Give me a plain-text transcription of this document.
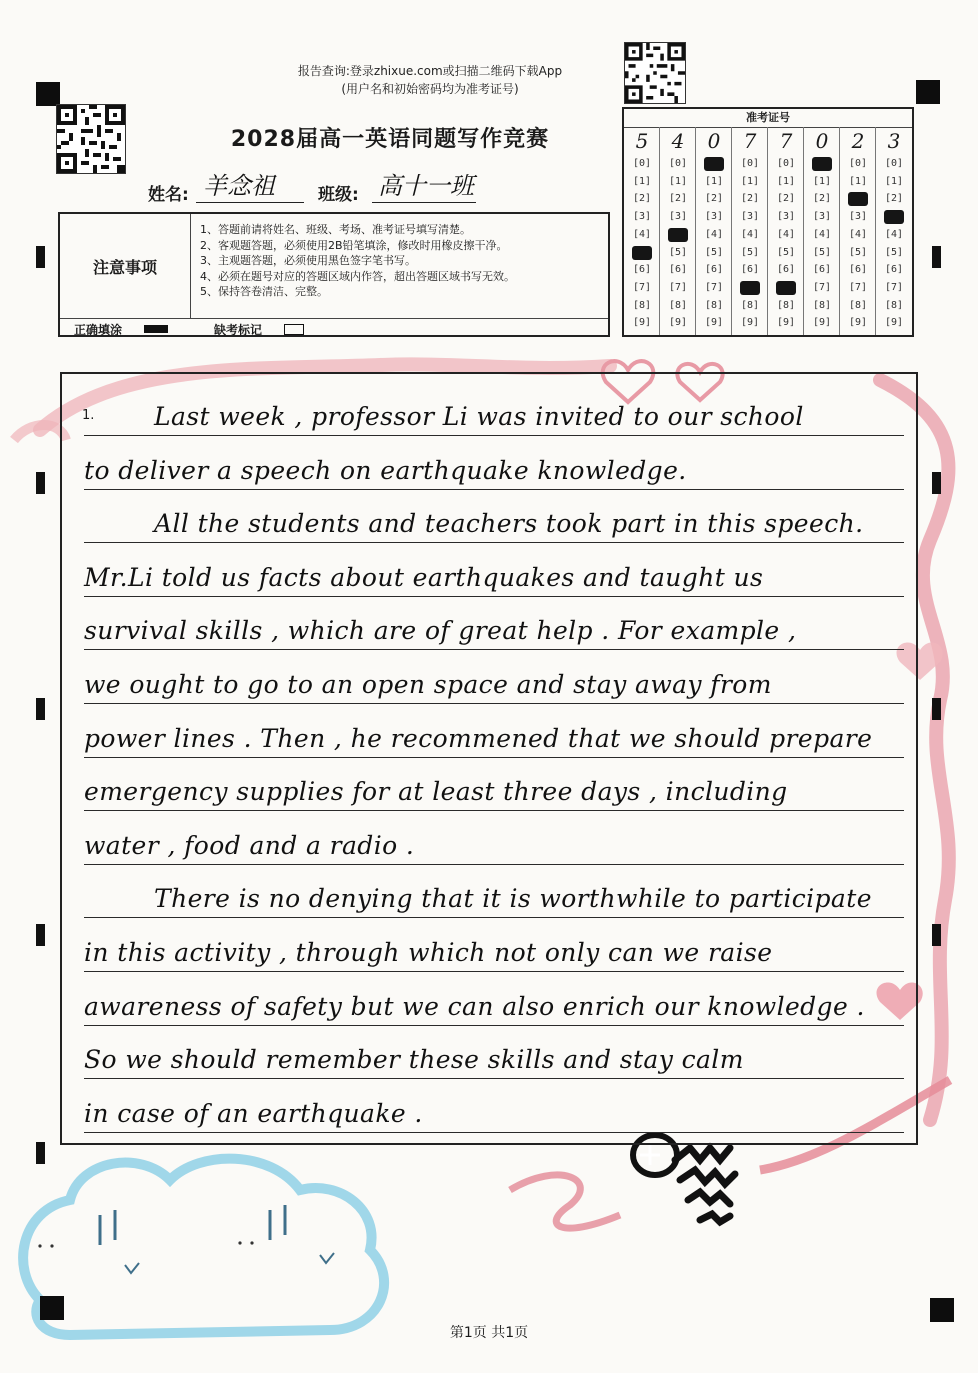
报告查询:登录zhixue.com或扫描二维码下载App
(用户名和初始密码均为准考证号)
2028届高一英语同题写作竞赛
姓名: 羊念祖	班级: 高十一班
注意事项
1、答题前请将姓名、班级、考场、准考证号填写清楚。
2、客观题答题，必须使用2B铅笔填涂，修改时用橡皮擦干净。
3、主观题答题，必须使用黑色签字笔书写。
4、必须在题号对应的答题区域内作答，超出答题区域书写无效。
5、保持答卷清洁、完整。
正确填涂	缺考标记
准考证号
5
[0]
[1]
[2]
[3]
[4]
[6]
[7]
[8]
[9]
4
[0]
[1]
[2]
[3]
[5]
[6]
[7]
[8]
[9]
0
[1]
[2]
[3]
[4]
[5]
[6]
[7]
[8]
[9]
7
[0]
[1]
[2]
[3]
[4]
[5]
[6]
[8]
[9]
7
[0]
[1]
[2]
[3]
[4]
[5]
[6]
[8]
[9]
0
[1]
[2]
[3]
[4]
[5]
[6]
[7]
[8]
[9]
2
[0]
[1]
[3]
[4]
[5]
[6]
[7]
[8]
[9]
3
[0]
[1]
[2]
[4]
[5]
[6]
[7]
[8]
[9]
1. Last week , professor Li was invited to our school
to deliver a speech on earthquake knowledge.
All the students and teachers took part in this speech.
Mr.Li told us facts about earthquakes and taught us
survival skills , which are of great help . For example ,
we ought to go to an open space and stay away from
power lines . Then , he recommened that we should prepare
emergency supplies for at least three days , including
water , food and a radio .
There is no denying that it is worthwhile to participate
in this activity , through which not only can we raise
awareness of safety but we can also enrich our knowledge .
So we should remember these skills and stay calm
in case of an earthquake .
第1页 共1页
